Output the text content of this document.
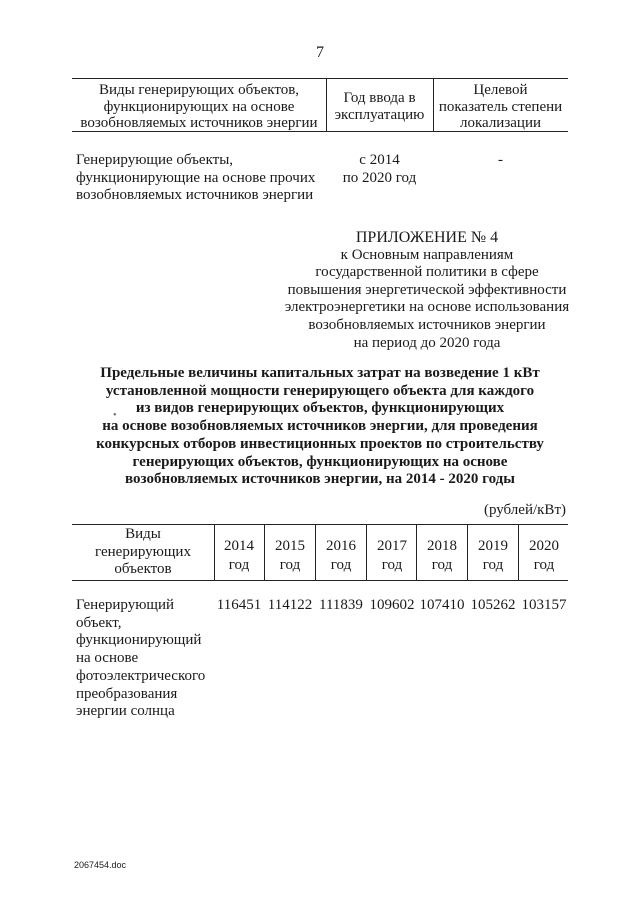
7
Виды генерирующих объектов,
функционирующих на основе
возобновляемых источников энергии
Год ввода в
эксплуатацию
Целевой
показатель степени
локализации
Генерирующие объекты,
функционирующие на основе прочих
возобновляемых источников энергии
с 2014
по 2020 год
-
ПРИЛОЖЕНИЕ № 4
к Основным направлениям
государственной политики в сфере
повышения энергетической эффективности
электроэнергетики на основе использования
возобновляемых источников энергии
на период до 2020 года
•
Предельные величины капитальных затрат на возведение 1 кВт
установленной мощности генерирующего объекта для каждого
из видов генерирующих объектов, функционирующих
на основе возобновляемых источников энергии, для проведения
конкурсных отборов инвестиционных проектов по строительству
генерирующих объектов, функционирующих на основе
возобновляемых источников энергии, на 2014 - 2020 годы
(рублей/кВт)
Виды
генерирующих
объектов
2014
год
2015
год
2016
год
2017
год
2018
год
2019
год
2020
год
Генерирующий
объект,
функционирующий
на основе
фотоэлектрического
преобразования
энергии солнца
116451 114122 111839 109602 107410 105262 103157
2067454.doc
